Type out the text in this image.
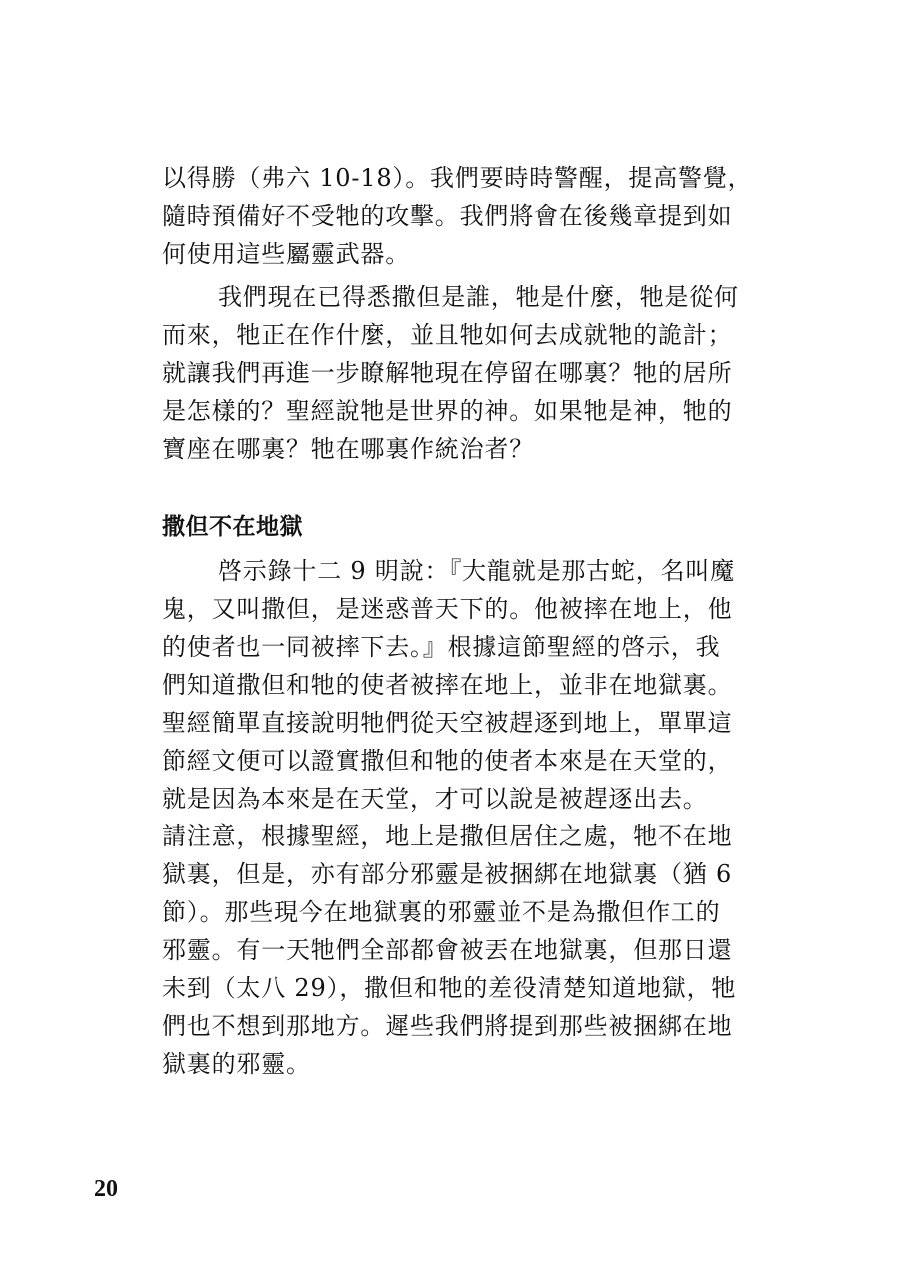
以得勝（弗六 10-18）。我們要時時警醒，提高警覺，
隨時預備好不受牠的攻擊。我們將會在後幾章提到如
何使用這些屬靈武器。
我們現在已得悉撒但是誰，牠是什麼，牠是從何
而來，牠正在作什麼，並且牠如何去成就牠的詭計；
就讓我們再進一步瞭解牠現在停留在哪裏？牠的居所
是怎樣的？聖經說牠是世界的神。如果牠是神，牠的
寶座在哪裏？牠在哪裏作統治者？
撒但不在地獄
啓示錄十二 9 明說：『大龍就是那古蛇，名叫魔
鬼，又叫撒但，是迷惑普天下的。他被摔在地上，他
的使者也一同被摔下去。』根據這節聖經的啓示，我
們知道撒但和牠的使者被摔在地上，並非在地獄裏。
聖經簡單直接說明牠們從天空被趕逐到地上，單單這
節經文便可以證實撒但和牠的使者本來是在天堂的，
就是因為本來是在天堂，才可以說是被趕逐出去。
請注意，根據聖經，地上是撒但居住之處，牠不在地
獄裏，但是，亦有部分邪靈是被捆綁在地獄裏（猶 6
節）。那些現今在地獄裏的邪靈並不是為撒但作工的
邪靈。有一天牠們全部都會被丟在地獄裏，但那日還
未到（太八 29），撒但和牠的差役清楚知道地獄，牠
們也不想到那地方。遲些我們將提到那些被捆綁在地
獄裏的邪靈。
20
